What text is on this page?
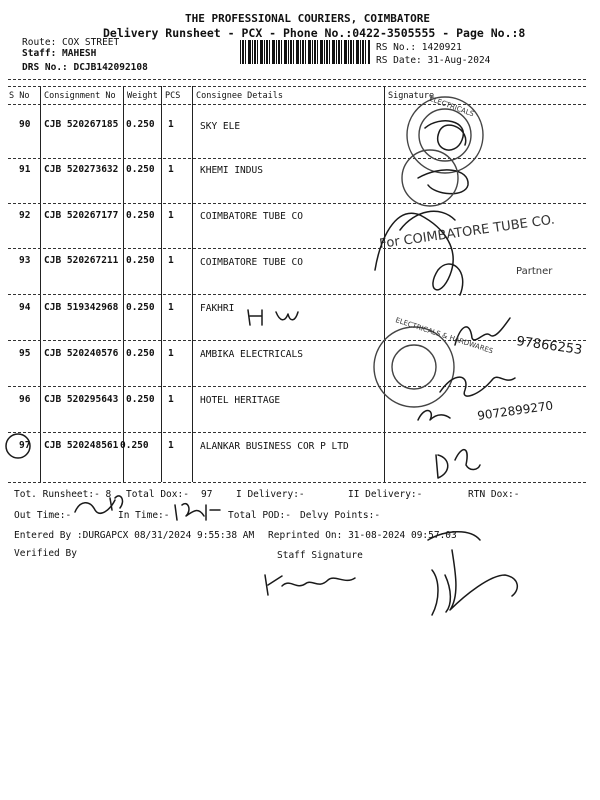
THE PROFESSIONAL COURIERS, COIMBATORE
Delivery Runsheet - PCX - Phone No.:0422-3505555 - Page No.:8
Route: COX STREET
Staff: MAHESH
DRS No.: DCJB142092108
RS No.: 1420921
RS Date: 31-Aug-2024
S No Consignment No Weight PCS Consignee Details	Signature
90 CJB 520267185 0.250 1	SKY ELE
91 CJB 520273632 0.250 1	KHEMI INDUS
92 CJB 520267177 0.250 1	COIMBATORE TUBE CO
93 CJB 520267211 0.250 1	COIMBATORE TUBE CO
94 CJB 519342968 0.250 1	FAKHRI
95 CJB 520240576 0.250 1	AMBIKA ELECTRICALS
96 CJB 520295643 0.250 1	HOTEL HERITAGE
97 CJB 520248561 0.250 1	ALANKAR BUSINESS COR P LTD
Tot. Runsheet:- 8 Total Dox:- 97 I Delivery:-	II Delivery:-	RTN Dox:-
Out Time:-	In Time:-	Total POD:- Delvy Points:-
Entered By :DURGAPCX 08/31/2024 9:55:38 AM Reprinted On: 31-08-2024 09:57:03
Verified By	Staff Signature
ELECTRICALS
For COIMBATORE TUBE CO.
Partner
97866253
ELECTRICALS & HARDWARES
9072899270
